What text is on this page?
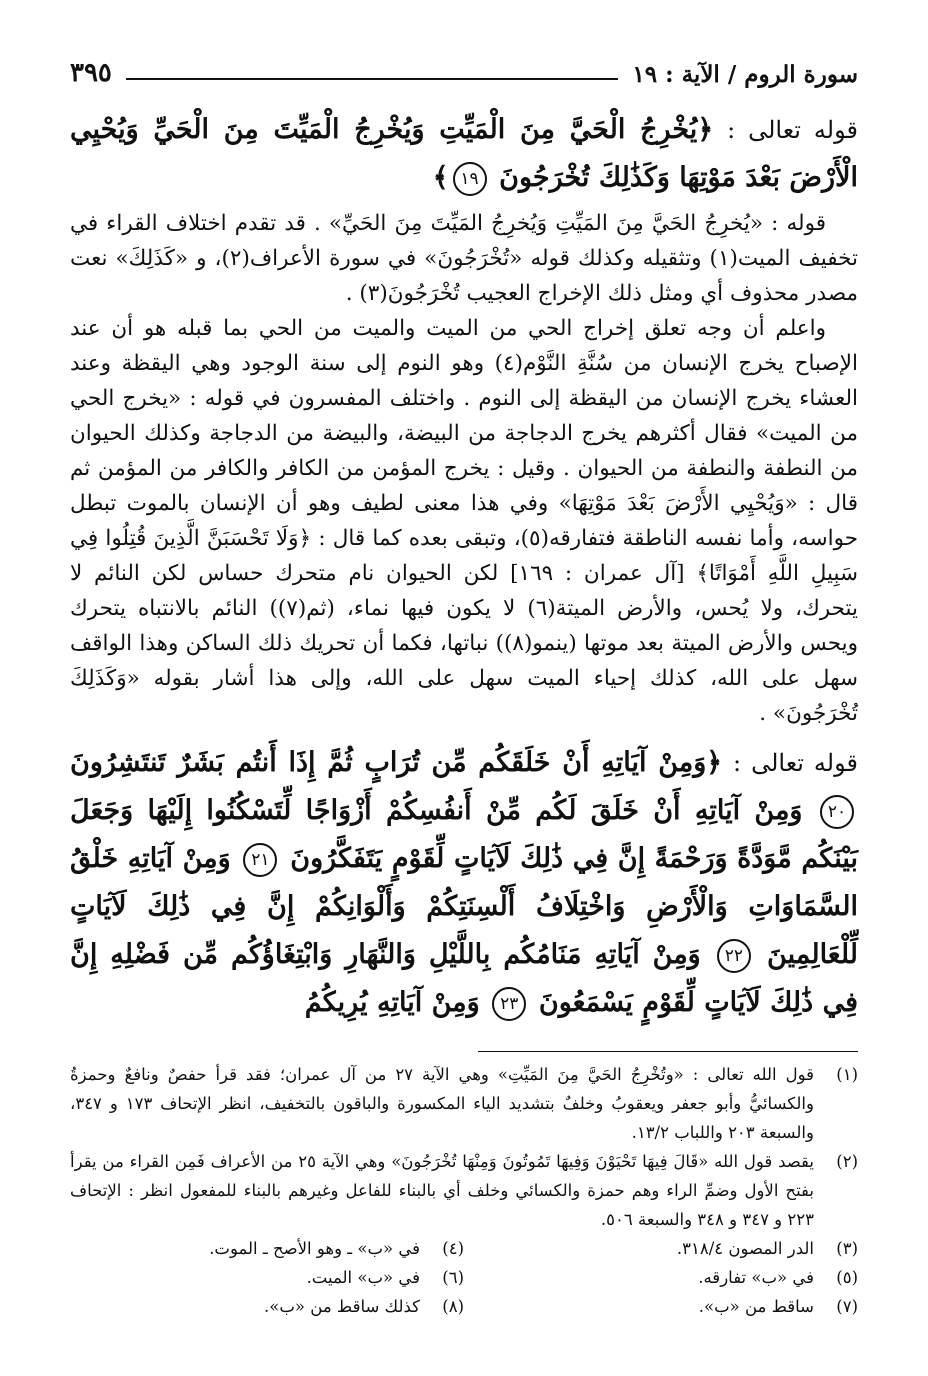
سورة الروم / الآية : ١٩
٣٩٥

قوله تعالى : ﴿يُخْرِجُ الْحَيَّ مِنَ الْمَيِّتِ وَيُخْرِجُ الْمَيِّتَ مِنَ الْحَيِّ وَيُحْيِي الْأَرْضَ بَعْدَ مَوْتِهَا وَكَذَٰلِكَ تُخْرَجُونَ ١٩﴾

قوله : «يُخرِجُ الحَيَّ مِنَ المَيِّتِ وَيُخرِجُ المَيِّتَ مِنَ الحَيِّ» . قد تقدم اختلاف القراء في تخفيف الميت(١) وتثقيله وكذلك قوله «تُخْرَجُونَ» في سورة الأعراف(٢)، و «كَذَلِكَ» نعت مصدر محذوف أي ومثل ذلك الإخراج العجيب تُخْرَجُونَ(٣) .

واعلم أن وجه تعلق إخراج الحي من الميت والميت من الحي بما قبله هو أن عند الإصباح يخرج الإنسان من سُنَّةِ النَّوْم(٤) وهو النوم إلى سنة الوجود وهي اليقظة وعند العشاء يخرج الإنسان من اليقظة إلى النوم . واختلف المفسرون في قوله : «يخرج الحي من الميت» فقال أكثرهم يخرج الدجاجة من البيضة، والبيضة من الدجاجة وكذلك الحيوان من النطفة والنطفة من الحيوان . وقيل : يخرج المؤمن من الكافر والكافر من المؤمن ثم قال : «وَيُحْيِي الأَرْضَ بَعْدَ مَوْتِهَا» وفي هذا معنى لطيف وهو أن الإنسان بالموت تبطل حواسه، وأما نفسه الناطقة فتفارقه(٥)، وتبقى بعده كما قال : ﴿وَلَا تَحْسَبَنَّ الَّذِينَ قُتِلُوا فِي سَبِيلِ اللَّهِ أَمْوَاتًا﴾ [آل عمران : ١٦٩] لكن الحيوان نام متحرك حساس لكن النائم لا يتحرك، ولا يُحس، والأرض الميتة(٦) لا يكون فيها نماء، (ثم(٧)) النائم بالانتباه يتحرك ويحس والأرض الميتة بعد موتها (ينمو(٨)) نباتها، فكما أن تحريك ذلك الساكن وهذا الواقف سهل على الله، كذلك إحياء الميت سهل على الله، وإلى هذا أشار بقوله «وَكَذَلِكَ تُخْرَجُونَ» .

قوله تعالى : ﴿وَمِنْ آيَاتِهِ أَنْ خَلَقَكُم مِّن تُرَابٍ ثُمَّ إِذَا أَنتُم بَشَرٌ تَنتَشِرُونَ ٢٠ وَمِنْ آيَاتِهِ أَنْ خَلَقَ لَكُم مِّنْ أَنفُسِكُمْ أَزْوَاجًا لِّتَسْكُنُوا إِلَيْهَا وَجَعَلَ بَيْنَكُم مَّوَدَّةً وَرَحْمَةً إِنَّ فِي ذَٰلِكَ لَآيَاتٍ لِّقَوْمٍ يَتَفَكَّرُونَ ٢١ وَمِنْ آيَاتِهِ خَلْقُ السَّمَاوَاتِ وَالْأَرْضِ وَاخْتِلَافُ أَلْسِنَتِكُمْ وَأَلْوَانِكُمْ إِنَّ فِي ذَٰلِكَ لَآيَاتٍ لِّلْعَالِمِينَ ٢٢ وَمِنْ آيَاتِهِ مَنَامُكُم بِاللَّيْلِ وَالنَّهَارِ وَابْتِغَاؤُكُم مِّن فَضْلِهِ إِنَّ فِي ذَٰلِكَ لَآيَاتٍ لِّقَوْمٍ يَسْمَعُونَ ٢٣ وَمِنْ آيَاتِهِ يُرِيكُمُ

(١)
قول الله تعالى : «وتُخْرِجُ الحَيَّ مِنَ المَيِّتِ» وهي الآية ٢٧ من آل عمران؛ فقد قرأ حفصٌ ونافعٌ وحمزةُ والكسائيُّ وأبو جعفر ويعقوبُ وخلفٌ بتشديد الياء المكسورة والباقون بالتخفيف، انظر الإتحاف ١٧٣ و ٣٤٧، والسبعة ٢٠٣ واللباب ١٣/٢.
(٢)
يقصد قول الله «قَالَ فِيهَا تَحْيَوْنَ وَفِيهَا تَمُوتُونَ وَمِنْهَا تُخْرَجُونَ» وهي الآية ٢٥ من الأعراف فَمِن القراء من يقرأ بفتح الأول وضمِّ الراء وهم حمزة والكسائي وخلف أي بالبناء للفاعل وغيرهم بالبناء للمفعول انظر : الإتحاف ٢٢٣ و ٣٤٧ و ٣٤٨ والسبعة ٥٠٦.
(٣)
الدر المصون ٣١٨/٤.
(٤)
في «ب» ـ وهو الأصح ـ الموت.
(٥)
في «ب» تفارقه.
(٦)
في «ب» الميت.
(٧)
ساقط من «ب».
(٨)
كذلك ساقط من «ب».
